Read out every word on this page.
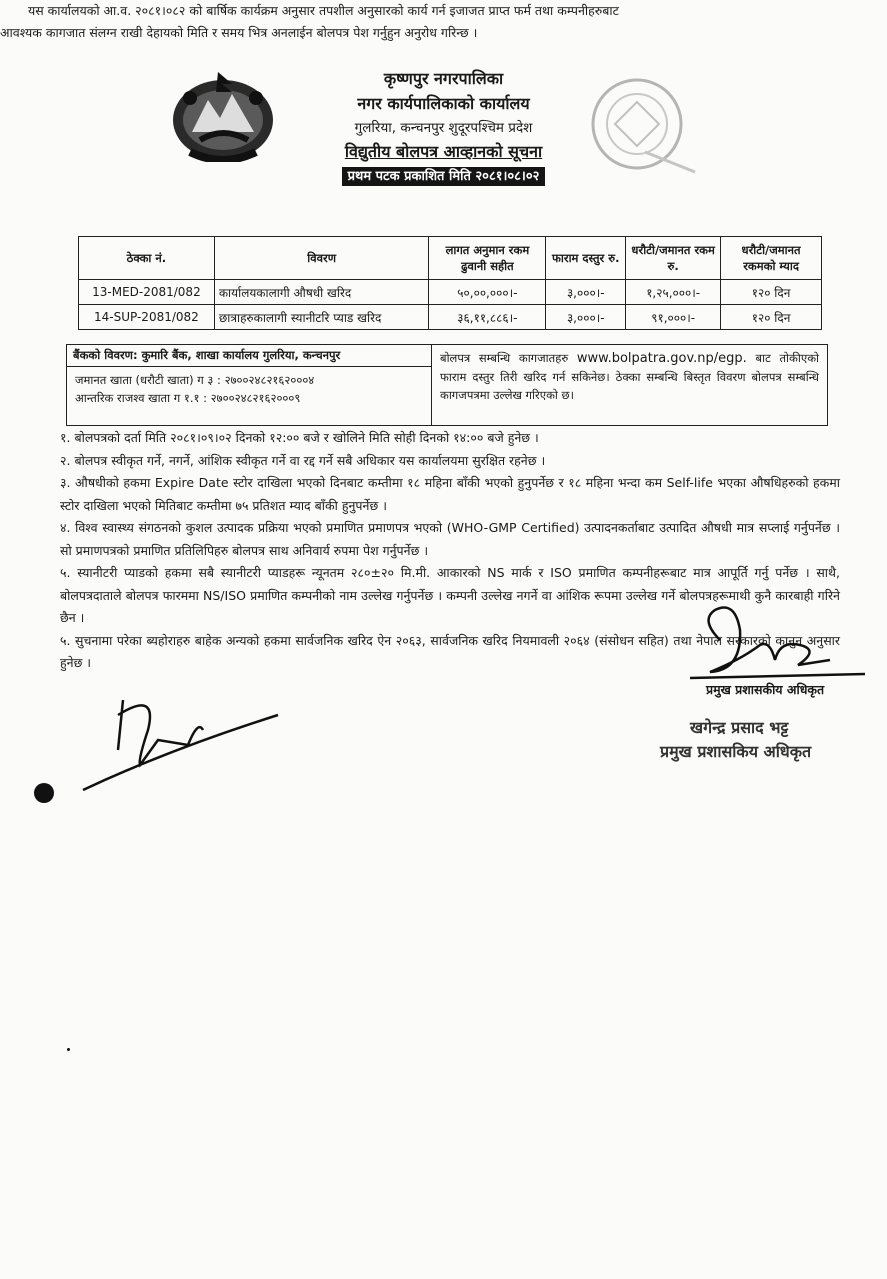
कृष्णपुर नगरपालिका
नगर कार्यपालिकाको कार्यालय
गुलरिया, कन्चनपुर शुदूरपश्चिम प्रदेश
विद्युतीय बोलपत्र आव्हानको सूचना
प्रथम पटक प्रकाशित मिति २०८१।०८।०२
यस कार्यालयको आ.व. २०८१।०८२ को बार्षिक कार्यक्रम अनुसार तपशील अनुसारको कार्य गर्न इजाजत प्राप्त फर्म तथा कम्पनीहरुबाट
आवश्यक कागजात संलग्न राखी देहायको मिति र समय भित्र अनलाईन बोलपत्र पेश गर्नुहुन अनुरोध गरिन्छ ।
ठेक्का नं.	विवरण	लागत अनुमान रकम ढुवानी सहीत	फाराम दस्तुर रु.	धरौटी/जमानत रकम रु.	धरौटी/जमानत रकमको म्याद
13-MED-2081/082	कार्यालयकालागी औषधी खरिद	५०,००,०००।-	३,०००।-	१,२५,०००।-	१२० दिन
14-SUP-2081/082	छात्राहरुकालागी स्यानीटरि प्याड खरिद	३६,११,८८६।-	३,०००।-	९१,०००।-	१२० दिन
बैंकको विवरण: कुमारि बैंक, शाखा कार्यालय गुलरिया, कन्चनपुर
जमानत खाता (धरौटी खाता) ग ३ : २७००२४८२१६२०००४
आन्तरिक राजश्व खाता ग १.१ : २७००२४८२१६२०००९
बोलपत्र सम्बन्धि कागजातहरु www.bolpatra.gov.np/egp. बाट तोकीएको फाराम दस्तुर तिरी खरिद गर्न सकिनेछ। ठेक्का सम्बन्धि बिस्तृत विवरण बोलपत्र सम्बन्धि कागजपत्रमा उल्लेख गरिएको छ।

१. बोलपत्रको दर्ता मिति २०८१।०९।०२ दिनको १२:०० बजे र खोलिने मिति सोही दिनको १४:०० बजे हुनेछ ।

२. बोलपत्र स्वीकृत गर्ने, नगर्ने, आंशिक स्वीकृत गर्ने वा रद्द गर्ने सबै अधिकार यस कार्यालयमा सुरक्षित रहनेछ ।

३. औषधीको हकमा Expire Date स्टोर दाखिला भएको दिनबाट कम्तीमा १८ महिना बाँकी भएको हुनुपर्नेछ र १८ महिना भन्दा कम Self-life भएका औषधिहरुको हकमा स्टोर दाखिला भएको मितिबाट कम्तीमा ७५ प्रतिशत म्याद बाँकी हुनुपर्नेछ ।

४. विश्व स्वास्थ्य संगठनको कुशल उत्पादक प्रक्रिया भएको प्रमाणित प्रमाणपत्र भएको (WHO-GMP Certified) उत्पादनकर्ताबाट उत्पादित औषधी मात्र सप्लाई गर्नुपर्नेछ । सो प्रमाणपत्रको प्रमाणित प्रतिलिपिहरु बोलपत्र साथ अनिवार्य रुपमा पेश गर्नुपर्नेछ ।

५. स्यानीटरी प्याडको हकमा सबै स्यानीटरी प्याडहरू न्यूनतम २८०±२० मि.मी. आकारको NS मार्क र ISO प्रमाणित कम्पनीहरूबाट मात्र आपूर्ति गर्नु पर्नेछ । साथै, बोलपत्रदाताले बोलपत्र फारममा NS/ISO प्रमाणित कम्पनीको नाम उल्लेख गर्नुपर्नेछ । कम्पनी उल्लेख नगर्ने वा आंशिक रूपमा उल्लेख गर्ने बोलपत्रहरूमाथी कुनै कारबाही गरिने छैन ।

५. सुचनामा परेका ब्यहोराहरु बाहेक अन्यको हकमा सार्वजनिक खरिद ऐन २०६३, सार्वजनिक खरिद नियमावली २०६४ (संसोधन सहित) तथा नेपाल सरकारको कानुन अनुसार हुनेछ ।

प्रमुख प्रशासकीय अधिकृत
खगेन्द्र प्रसाद भट्ट
प्रमुख प्रशासकिय अधिकृत
